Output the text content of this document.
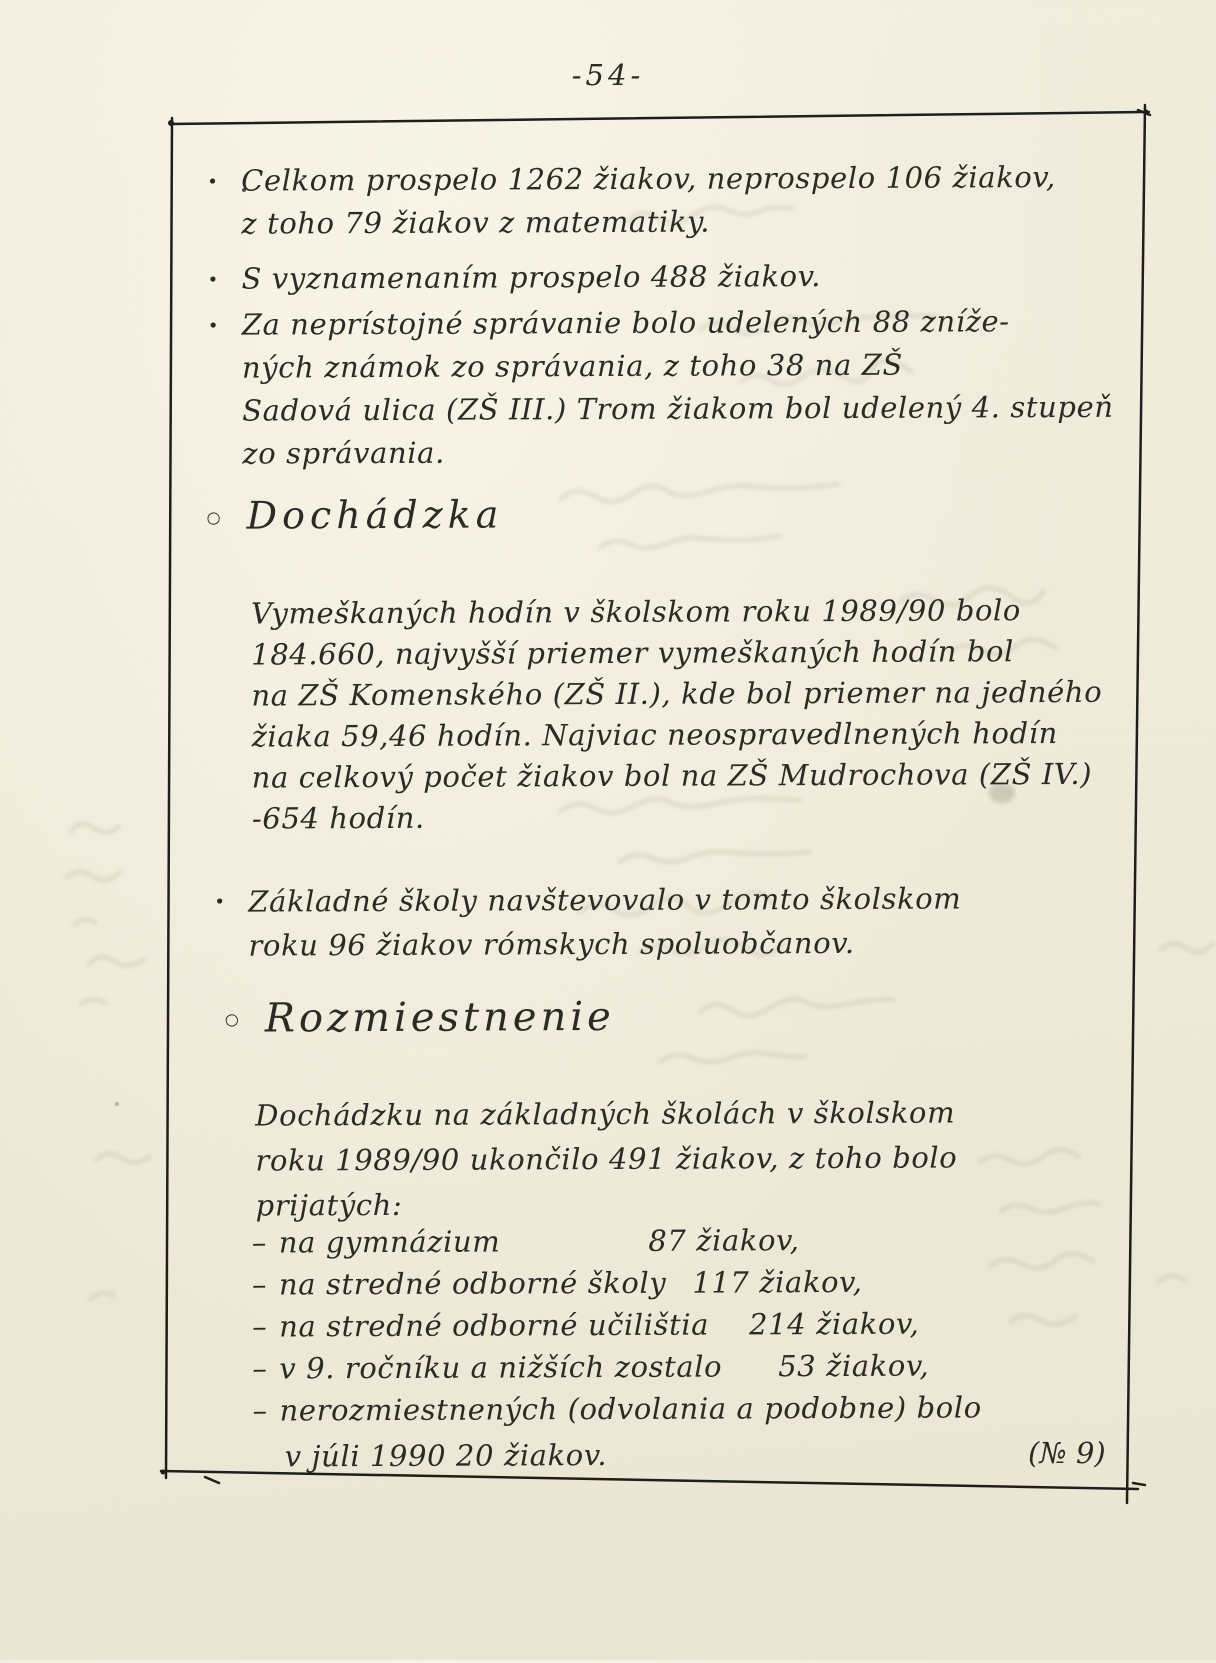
-54-
• Celkom prospelo 1262 žiakov, neprospelo 106 žiakov,
z toho 79 žiakov z matematiky.
• S vyznamenaním prospelo 488 žiakov.
• Za neprístojné správanie bolo udelených 88 zníže-
ných známok zo správania, z toho 38 na ZŠ
Sadová ulica (ZŠ III.) Trom žiakom bol udelený 4. stupeň
zo správania.
○ Dochádzka
Vymeškaných hodín v školskom roku 1989/90 bolo
184.660, najvyšší priemer vymeškaných hodín bol
na ZŠ Komenského (ZŠ II.), kde bol priemer na jedného
žiaka 59,46 hodín. Najviac neospravedlnených hodín
na celkový počet žiakov bol na ZŠ Mudrochova (ZŠ IV.)
-654 hodín.
• Základné školy navštevovalo v tomto školskom
roku 96 žiakov rómskych spoluobčanov.
○ Rozmiestnenie
Dochádzku na základných školách v školskom
roku 1989/90 ukončilo 491 žiakov, z toho bolo
prijatých:
– na gymnázium	87 žiakov,
– na stredné odborné školy 117 žiakov,
– na stredné odborné učilištia 214 žiakov,
– v 9. ročníku a nižších zostalo 53 žiakov,
– nerozmiestnených (odvolania a podobne) bolo
v júli 1990 20 žiakov.	(№ 9)
